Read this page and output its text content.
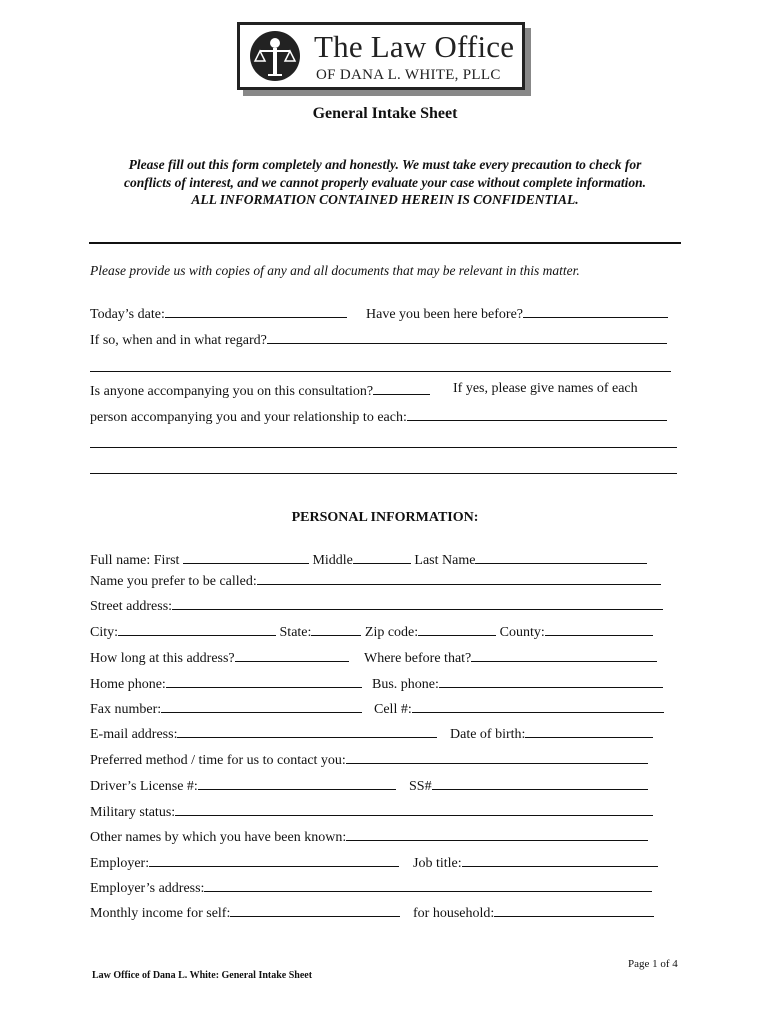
The Law Office
OF DANA L. WHITE, PLLC
General Intake Sheet
Please fill out this form completely and honestly. We must take every precaution to check for
conflicts of interest, and we cannot properly evaluate your case without complete information.
ALL INFORMATION CONTAINED HEREIN IS CONFIDENTIAL.
Please provide us with copies of any and all documents that may be relevant in this matter.
Today’s date:	Have you been here before?
If so, when and in what regard?
Is anyone accompanying you on this consultation?	If yes, please give names of each
person accompanying you and your relationship to each:
PERSONAL INFORMATION:
Full name: First	Middle	Last Name
Name you prefer to be called:
Street address:
City:	State:	Zip code:	County:
How long at this address?	Where before that?
Home phone:	Bus. phone:
Fax number:	Cell #:
E-mail address:	Date of birth:
Preferred method / time for us to contact you:
Driver’s License #:	SS#
Military status:
Other names by which you have been known:
Employer:	Job title:
Employer’s address:
Monthly income for self:	for household:
Page 1 of 4
Law Office of Dana L. White: General Intake Sheet
